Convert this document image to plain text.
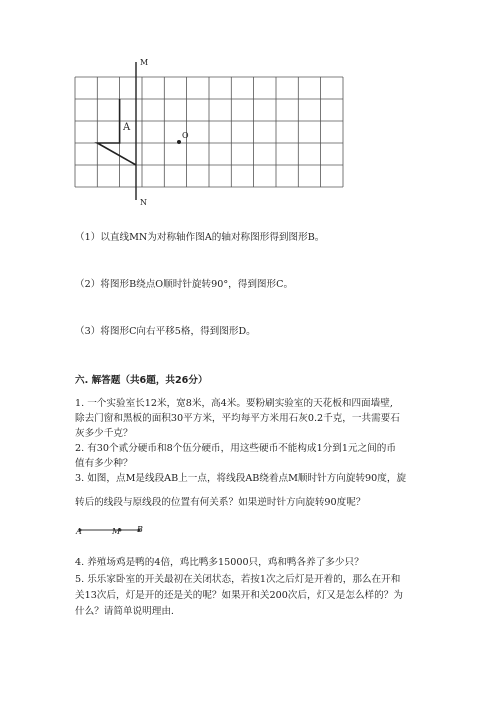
M
N
A
O
（1）以直线MN为对称轴作图A的轴对称图形得到图形B。
（2）将图形B绕点O顺时针旋转90°，得到图形C。
（3）将图形C向右平移5格，得到图形D。
六. 解答题（共6题，共26分）
1. 一个实验室长12米，宽8米，高4米。要粉刷实验室的天花板和四面墙壁,
除去门窗和黑板的面积30平方米，平均每平方米用石灰0.2千克，一共需要石
灰多少千克？
2. 有30个贰分硬币和8个伍分硬币，用这些硬币不能构成1分到1元之间的币
值有多少种？
3. 如图，点M是线段AB上一点，将线段AB绕着点M顺时针方向旋转90度，旋
转后的线段与原线段的位置有何关系？如果逆时针方向旋转90度呢？
A	M B
4. 养殖场鸡是鸭的4倍，鸡比鸭多15000只，鸡和鸭各养了多少只？
5. 乐乐家卧室的开关最初在关闭状态，若按1次之后灯是开着的，那么在开和
关13次后，灯是开的还是关的呢？如果开和关200次后，灯又是怎么样的？为
什么？请简单说明理由.
